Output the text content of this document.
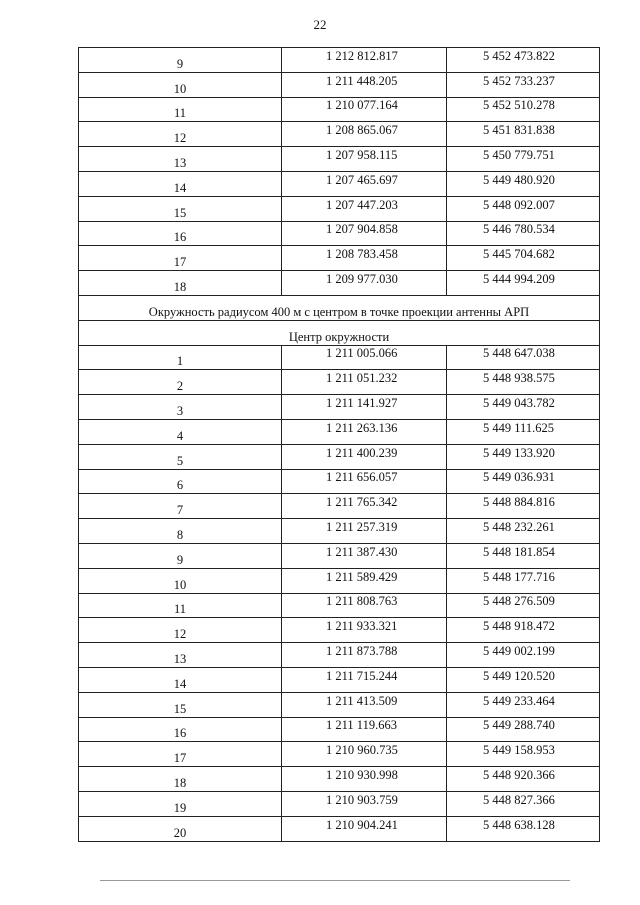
22
9	1 212 812.817	5 452 473.822

10	1 211 448.205	5 452 733.237

11	1 210 077.164	5 452 510.278

12	1 208 865.067	5 451 831.838

13	1 207 958.115	5 450 779.751

14	1 207 465.697	5 449 480.920

15	1 207 447.203	5 448 092.007

16	1 207 904.858	5 446 780.534

17	1 208 783.458	5 445 704.682

18	1 209 977.030	5 444 994.209

Окружность радиусом 400 м с центром в точке проекции антенны АРП		
Центр окружности		
1	1 211 005.066	5 448 647.038

2	1 211 051.232	5 448 938.575

3	1 211 141.927	5 449 043.782

4	1 211 263.136	5 449 111.625

5	1 211 400.239	5 449 133.920

6	1 211 656.057	5 449 036.931

7	1 211 765.342	5 448 884.816

8	1 211 257.319	5 448 232.261

9	1 211 387.430	5 448 181.854

10	1 211 589.429	5 448 177.716

11	1 211 808.763	5 448 276.509

12	1 211 933.321	5 448 918.472

13	1 211 873.788	5 449 002.199

14	1 211 715.244	5 449 120.520

15	1 211 413.509	5 449 233.464

16	1 211 119.663	5 449 288.740

17	1 210 960.735	5 449 158.953

18	1 210 930.998	5 448 920.366

19	1 210 903.759	5 448 827.366

20	1 210 904.241	5 448 638.128
